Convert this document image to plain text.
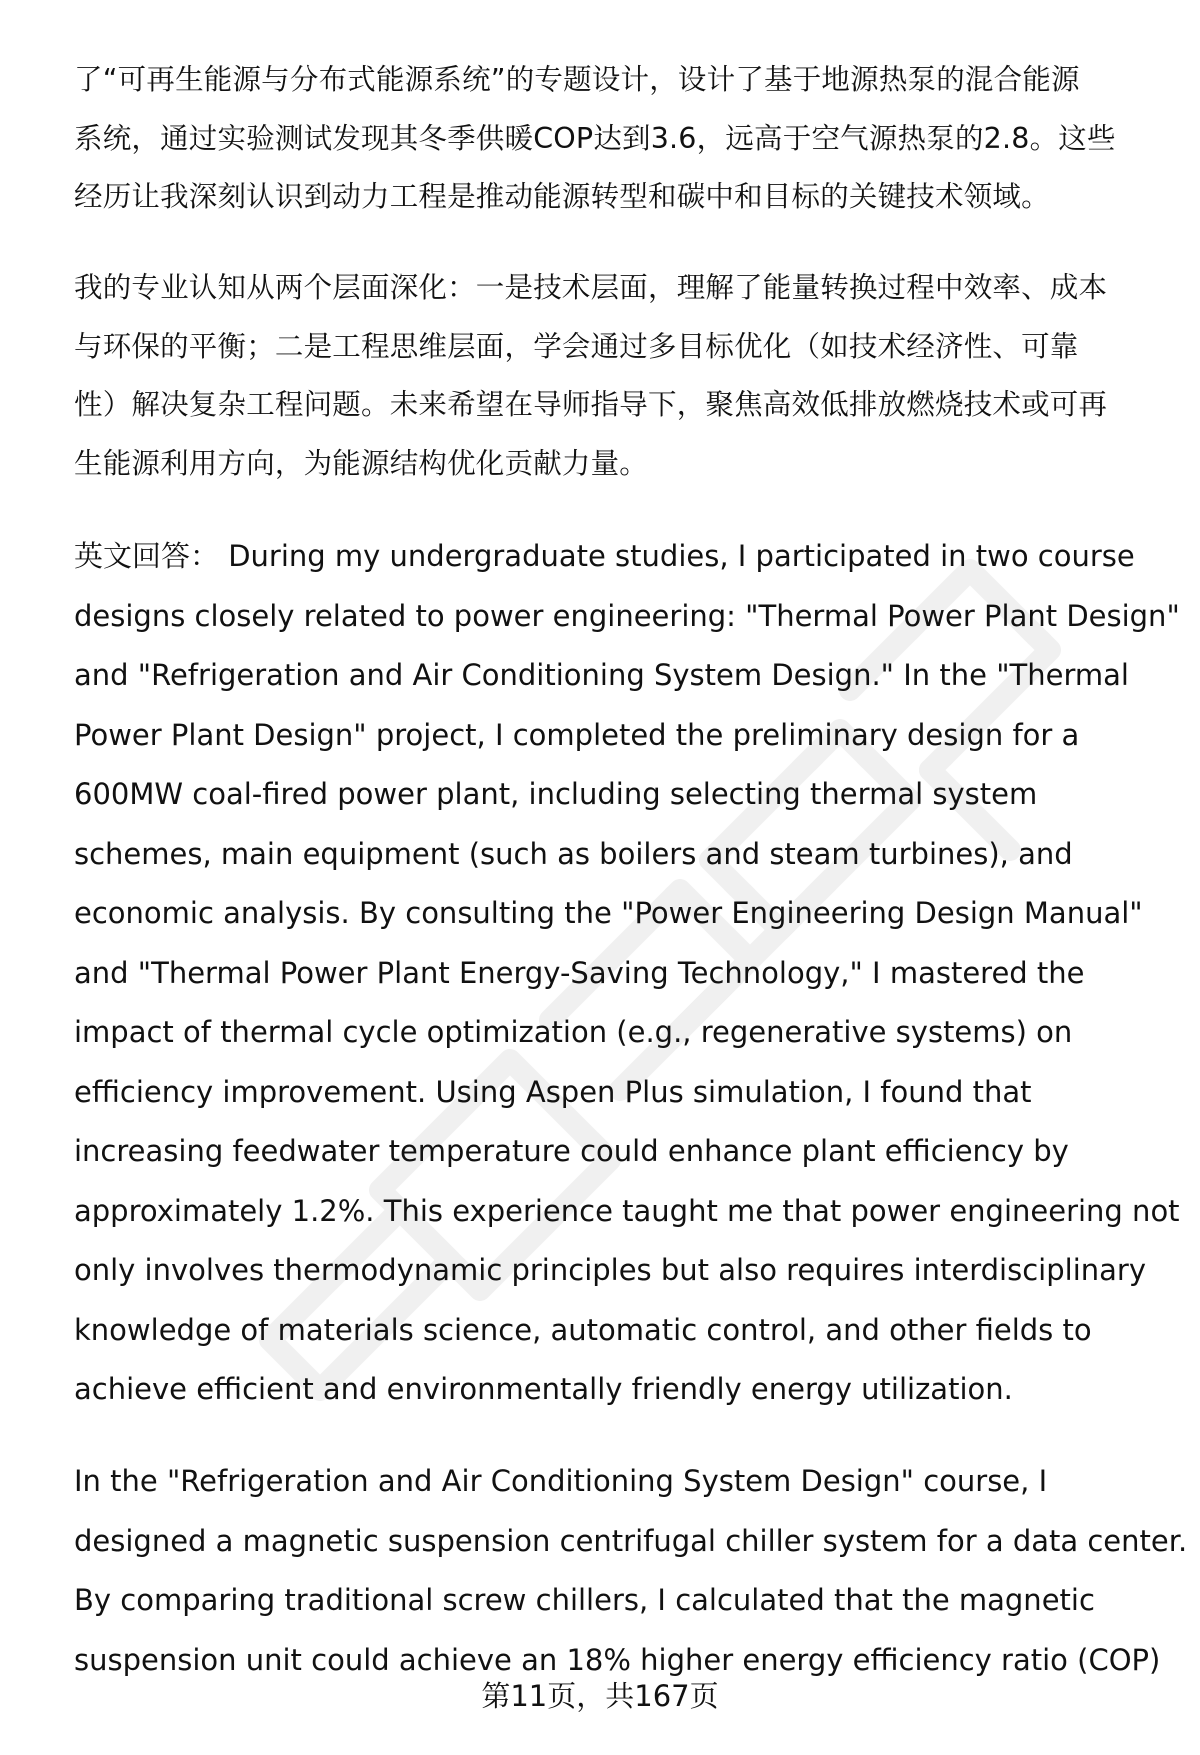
了“可再生能源与分布式能源系统”的专题设计，设计了基于地源热泵的混合能源
系统，通过实验测试发现其冬季供暖COP达到3.6，远高于空气源热泵的2.8。这些
经历让我深刻认识到动力工程是推动能源转型和碳中和目标的关键技术领域。
我的专业认知从两个层面深化：一是技术层面，理解了能量转换过程中效率、成本
与环保的平衡；二是工程思维层面，学会通过多目标优化（如技术经济性、可靠
性）解决复杂工程问题。未来希望在导师指导下，聚焦高效低排放燃烧技术或可再
生能源利用方向，为能源结构优化贡献力量。
英文回答： During my undergraduate studies, I participated in two course
designs closely related to power engineering: "Thermal Power Plant Design"
and "Refrigeration and Air Conditioning System Design." In the "Thermal
Power Plant Design" project, I completed the preliminary design for a
600MW coal-fired power plant, including selecting thermal system
schemes, main equipment (such as boilers and steam turbines), and
economic analysis. By consulting the "Power Engineering Design Manual"
and "Thermal Power Plant Energy-Saving Technology," I mastered the
impact of thermal cycle optimization (e.g., regenerative systems) on
efficiency improvement. Using Aspen Plus simulation, I found that
increasing feedwater temperature could enhance plant efficiency by
approximately 1.2%. This experience taught me that power engineering not
only involves thermodynamic principles but also requires interdisciplinary
knowledge of materials science, automatic control, and other fields to
achieve efficient and environmentally friendly energy utilization.
In the "Refrigeration and Air Conditioning System Design" course, I
designed a magnetic suspension centrifugal chiller system for a data center.
By comparing traditional screw chillers, I calculated that the magnetic
suspension unit could achieve an 18% higher energy efficiency ratio (COP)
第11页，共167页
